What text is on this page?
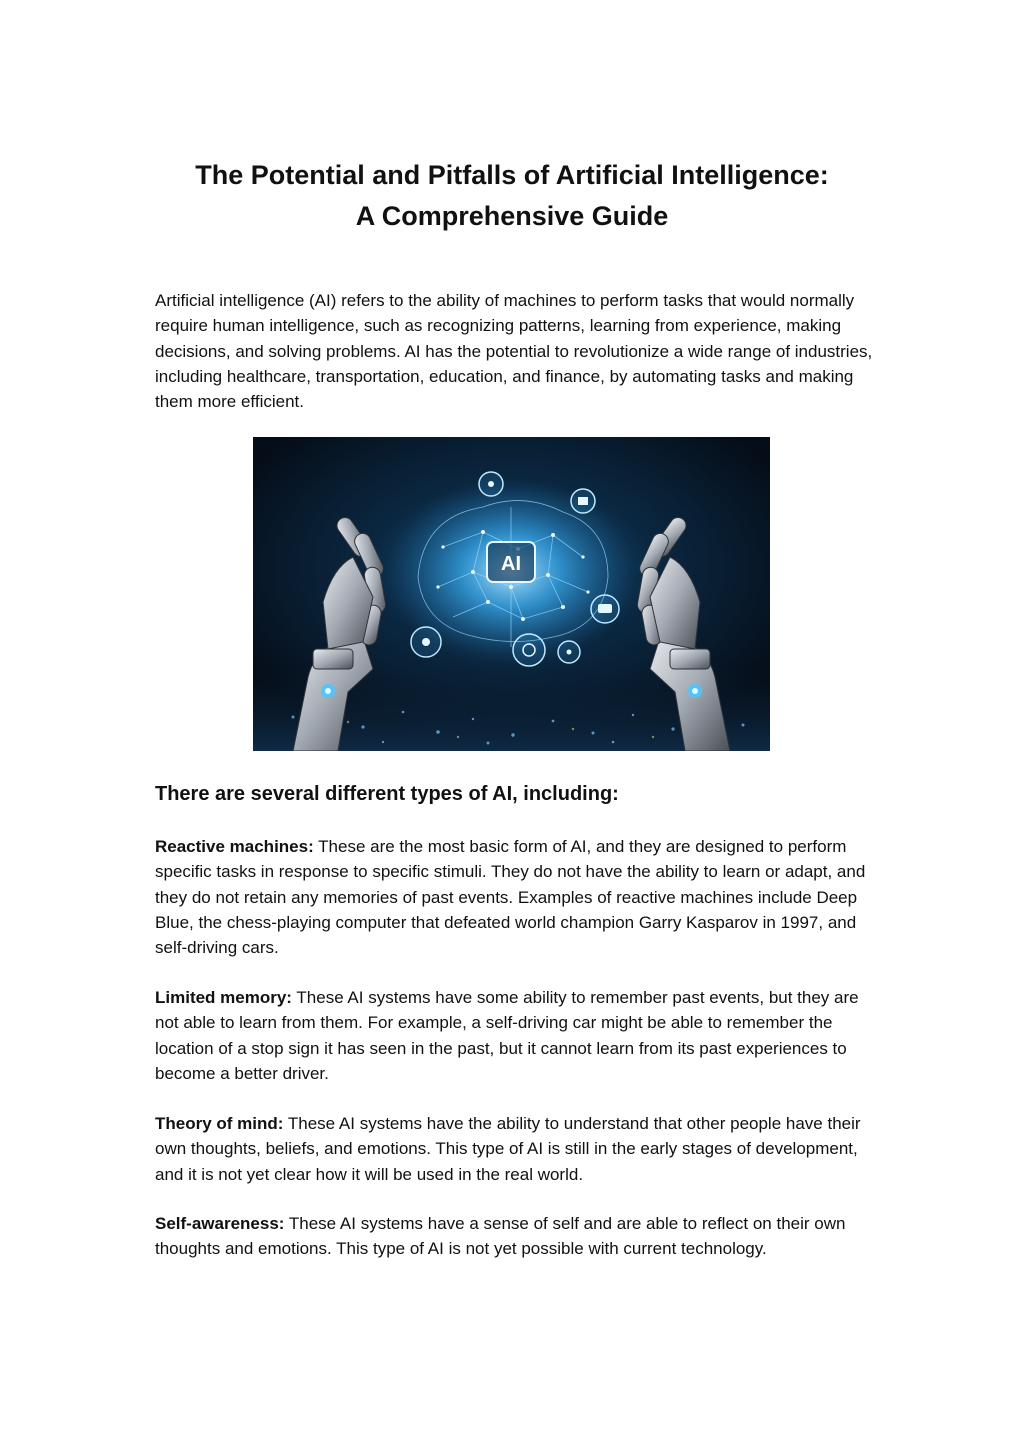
The Potential and Pitfalls of Artificial Intelligence:
A Comprehensive Guide

Artificial intelligence (AI) refers to the ability of machines to perform tasks that would normally require human intelligence, such as recognizing patterns, learning from experience, making decisions, and solving problems. AI has the potential to revolutionize a wide range of industries, including healthcare, transportation, education, and finance, by automating tasks and making them more efficient.

AI
There are several different types of AI, including:

Reactive machines: These are the most basic form of AI, and they are designed to perform specific tasks in response to specific stimuli. They do not have the ability to learn or adapt, and they do not retain any memories of past events. Examples of reactive machines include Deep Blue, the chess-playing computer that defeated world champion Garry Kasparov in 1997, and self-driving cars.

Limited memory: These AI systems have some ability to remember past events, but they are not able to learn from them. For example, a self-driving car might be able to remember the location of a stop sign it has seen in the past, but it cannot learn from its past experiences to become a better driver.

Theory of mind: These AI systems have the ability to understand that other people have their own thoughts, beliefs, and emotions. This type of AI is still in the early stages of development, and it is not yet clear how it will be used in the real world.

Self-awareness: These AI systems have a sense of self and are able to reflect on their own thoughts and emotions. This type of AI is not yet possible with current technology.
